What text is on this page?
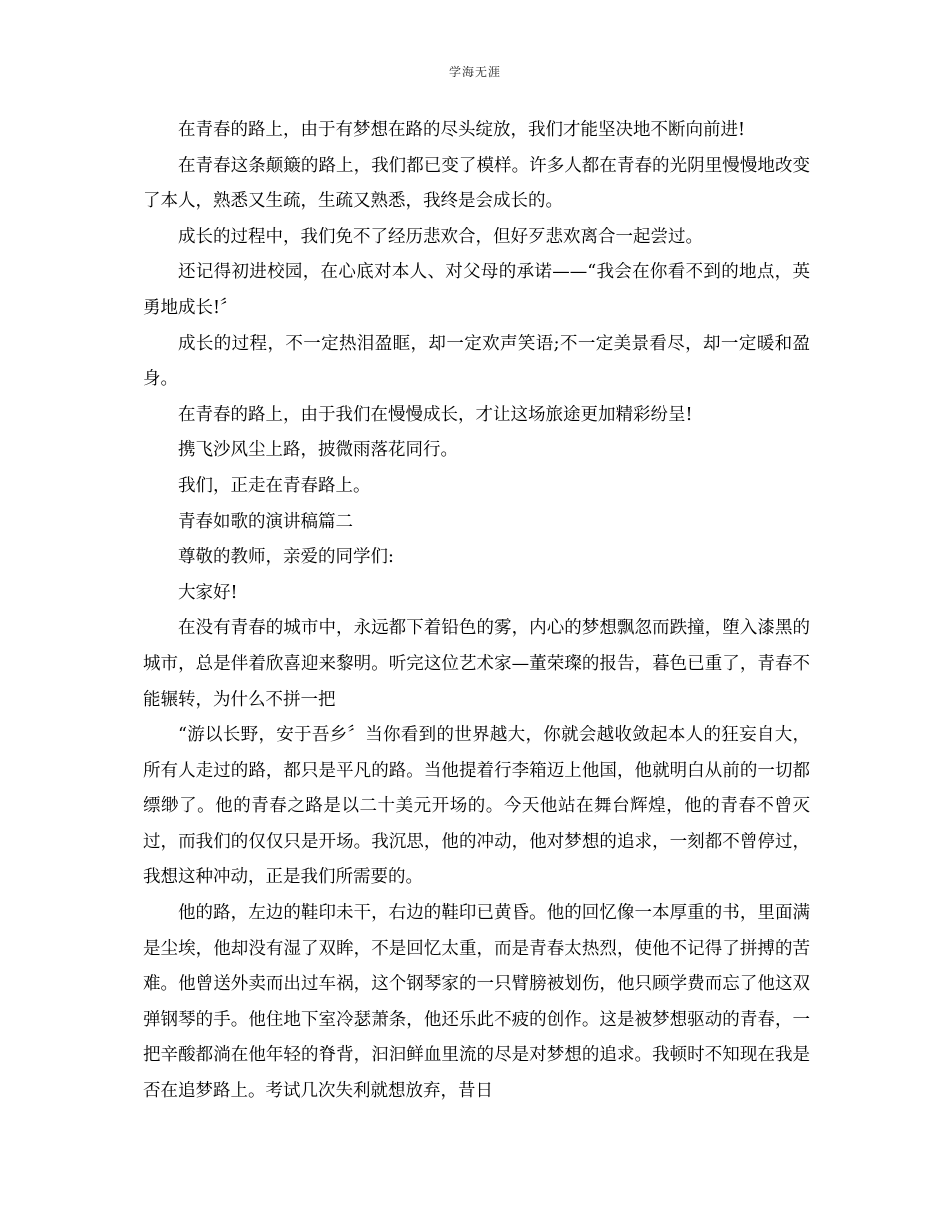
学海无涯

在青春的路上，由于有梦想在路的尽头绽放，我们才能坚决地不断向前进!

在青春这条颠簸的路上，我们都已变了模样。许多人都在青春的光阴里慢慢地改变了本人，熟悉又生疏，生疏又熟悉，我终是会成长的。

成长的过程中，我们免不了经历悲欢合，但好歹悲欢离合一起尝过。

还记得初进校园，在心底对本人、对父母的承诺——“我会在你看不到的地点，英勇地成长!〞

成长的过程，不一定热泪盈眶，却一定欢声笑语;不一定美景看尽，却一定暖和盈身。

在青春的路上，由于我们在慢慢成长，才让这场旅途更加精彩纷呈!

携飞沙风尘上路，披微雨落花同行。

我们，正走在青春路上。

青春如歌的演讲稿篇二

尊敬的教师，亲爱的同学们:

大家好!

在没有青春的城市中，永远都下着铅色的雾，内心的梦想飘忽而跌撞，堕入漆黑的城市，总是伴着欣喜迎来黎明。听完这位艺术家—董荣璨的报告，暮色已重了，青春不能辗转，为什么不拼一把

“游以长野，安于吾乡〞当你看到的世界越大，你就会越收敛起本人的狂妄自大，所有人走过的路，都只是平凡的路。当他提着行李箱迈上他国，他就明白从前的一切都缥缈了。他的青春之路是以二十美元开场的。今天他站在舞台辉煌，他的青春不曾灭过，而我们的仅仅只是开场。我沉思，他的冲动，他对梦想的追求，一刻都不曾停过，我想这种冲动，正是我们所需要的。

他的路，左边的鞋印未干，右边的鞋印已黄昏。他的回忆像一本厚重的书，里面满是尘埃，他却没有湿了双眸，不是回忆太重，而是青春太热烈，使他不记得了拼搏的苦难。他曾送外卖而出过车祸，这个钢琴家的一只臂膀被划伤，他只顾学费而忘了他这双弹钢琴的手。他住地下室冷瑟萧条，他还乐此不疲的创作。这是被梦想驱动的青春，一把辛酸都淌在他年轻的脊背，汩汩鲜血里流的尽是对梦想的追求。我顿时不知现在我是否在追梦路上。考试几次失利就想放弃，昔日
